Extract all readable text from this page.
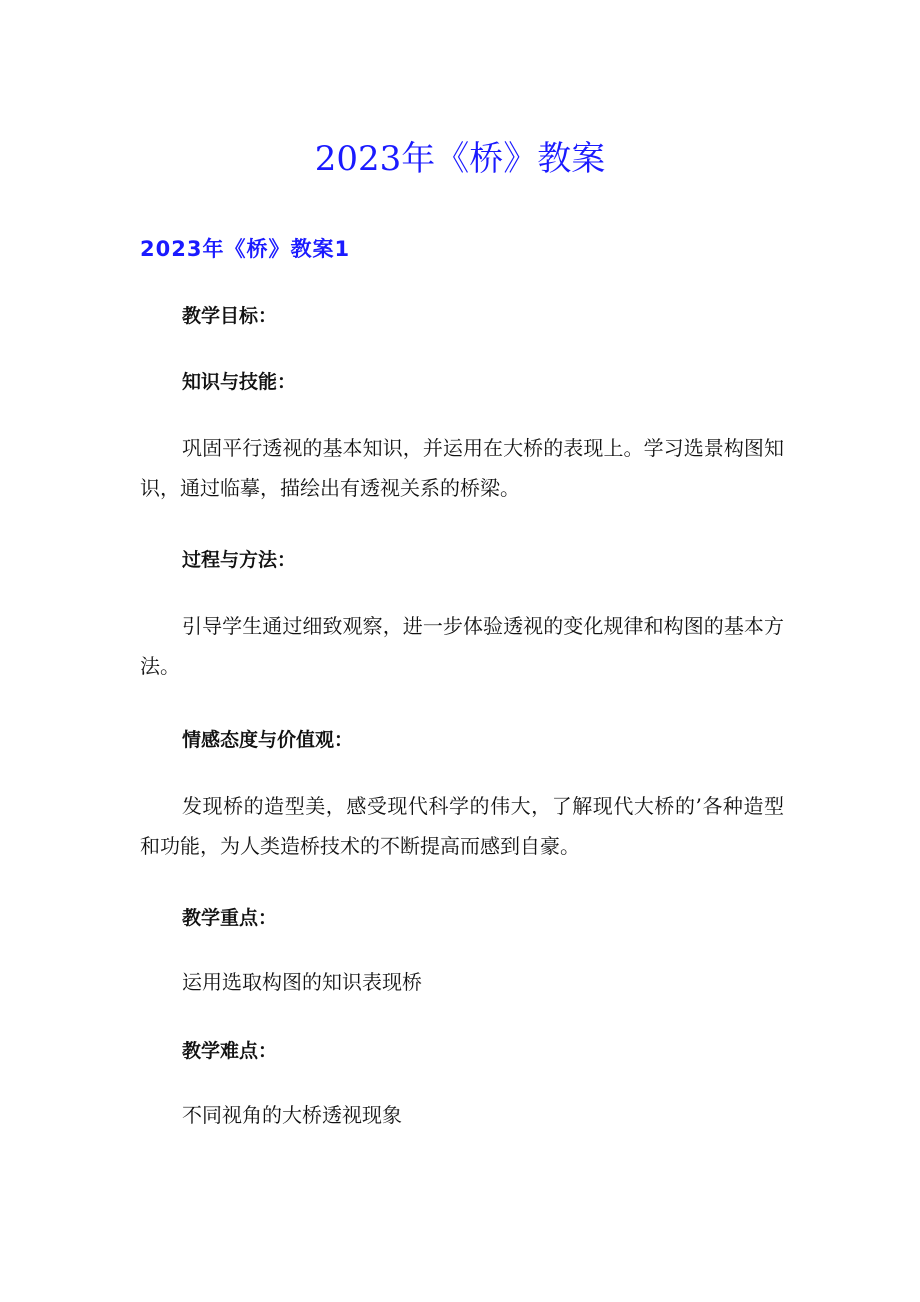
2023年《桥》教案
2023年《桥》教案1

教学目标：

知识与技能：

巩固平行透视的基本知识，并运用在大桥的表现上。学习选景构图知识，通过临摹，描绘出有透视关系的桥梁。

过程与方法：

引导学生通过细致观察，进一步体验透视的变化规律和构图的基本方法。

情感态度与价值观：

发现桥的造型美，感受现代科学的伟大，了解现代大桥的’各种造型和功能，为人类造桥技术的不断提高而感到自豪。

教学重点：

运用选取构图的知识表现桥

教学难点：

不同视角的大桥透视现象
